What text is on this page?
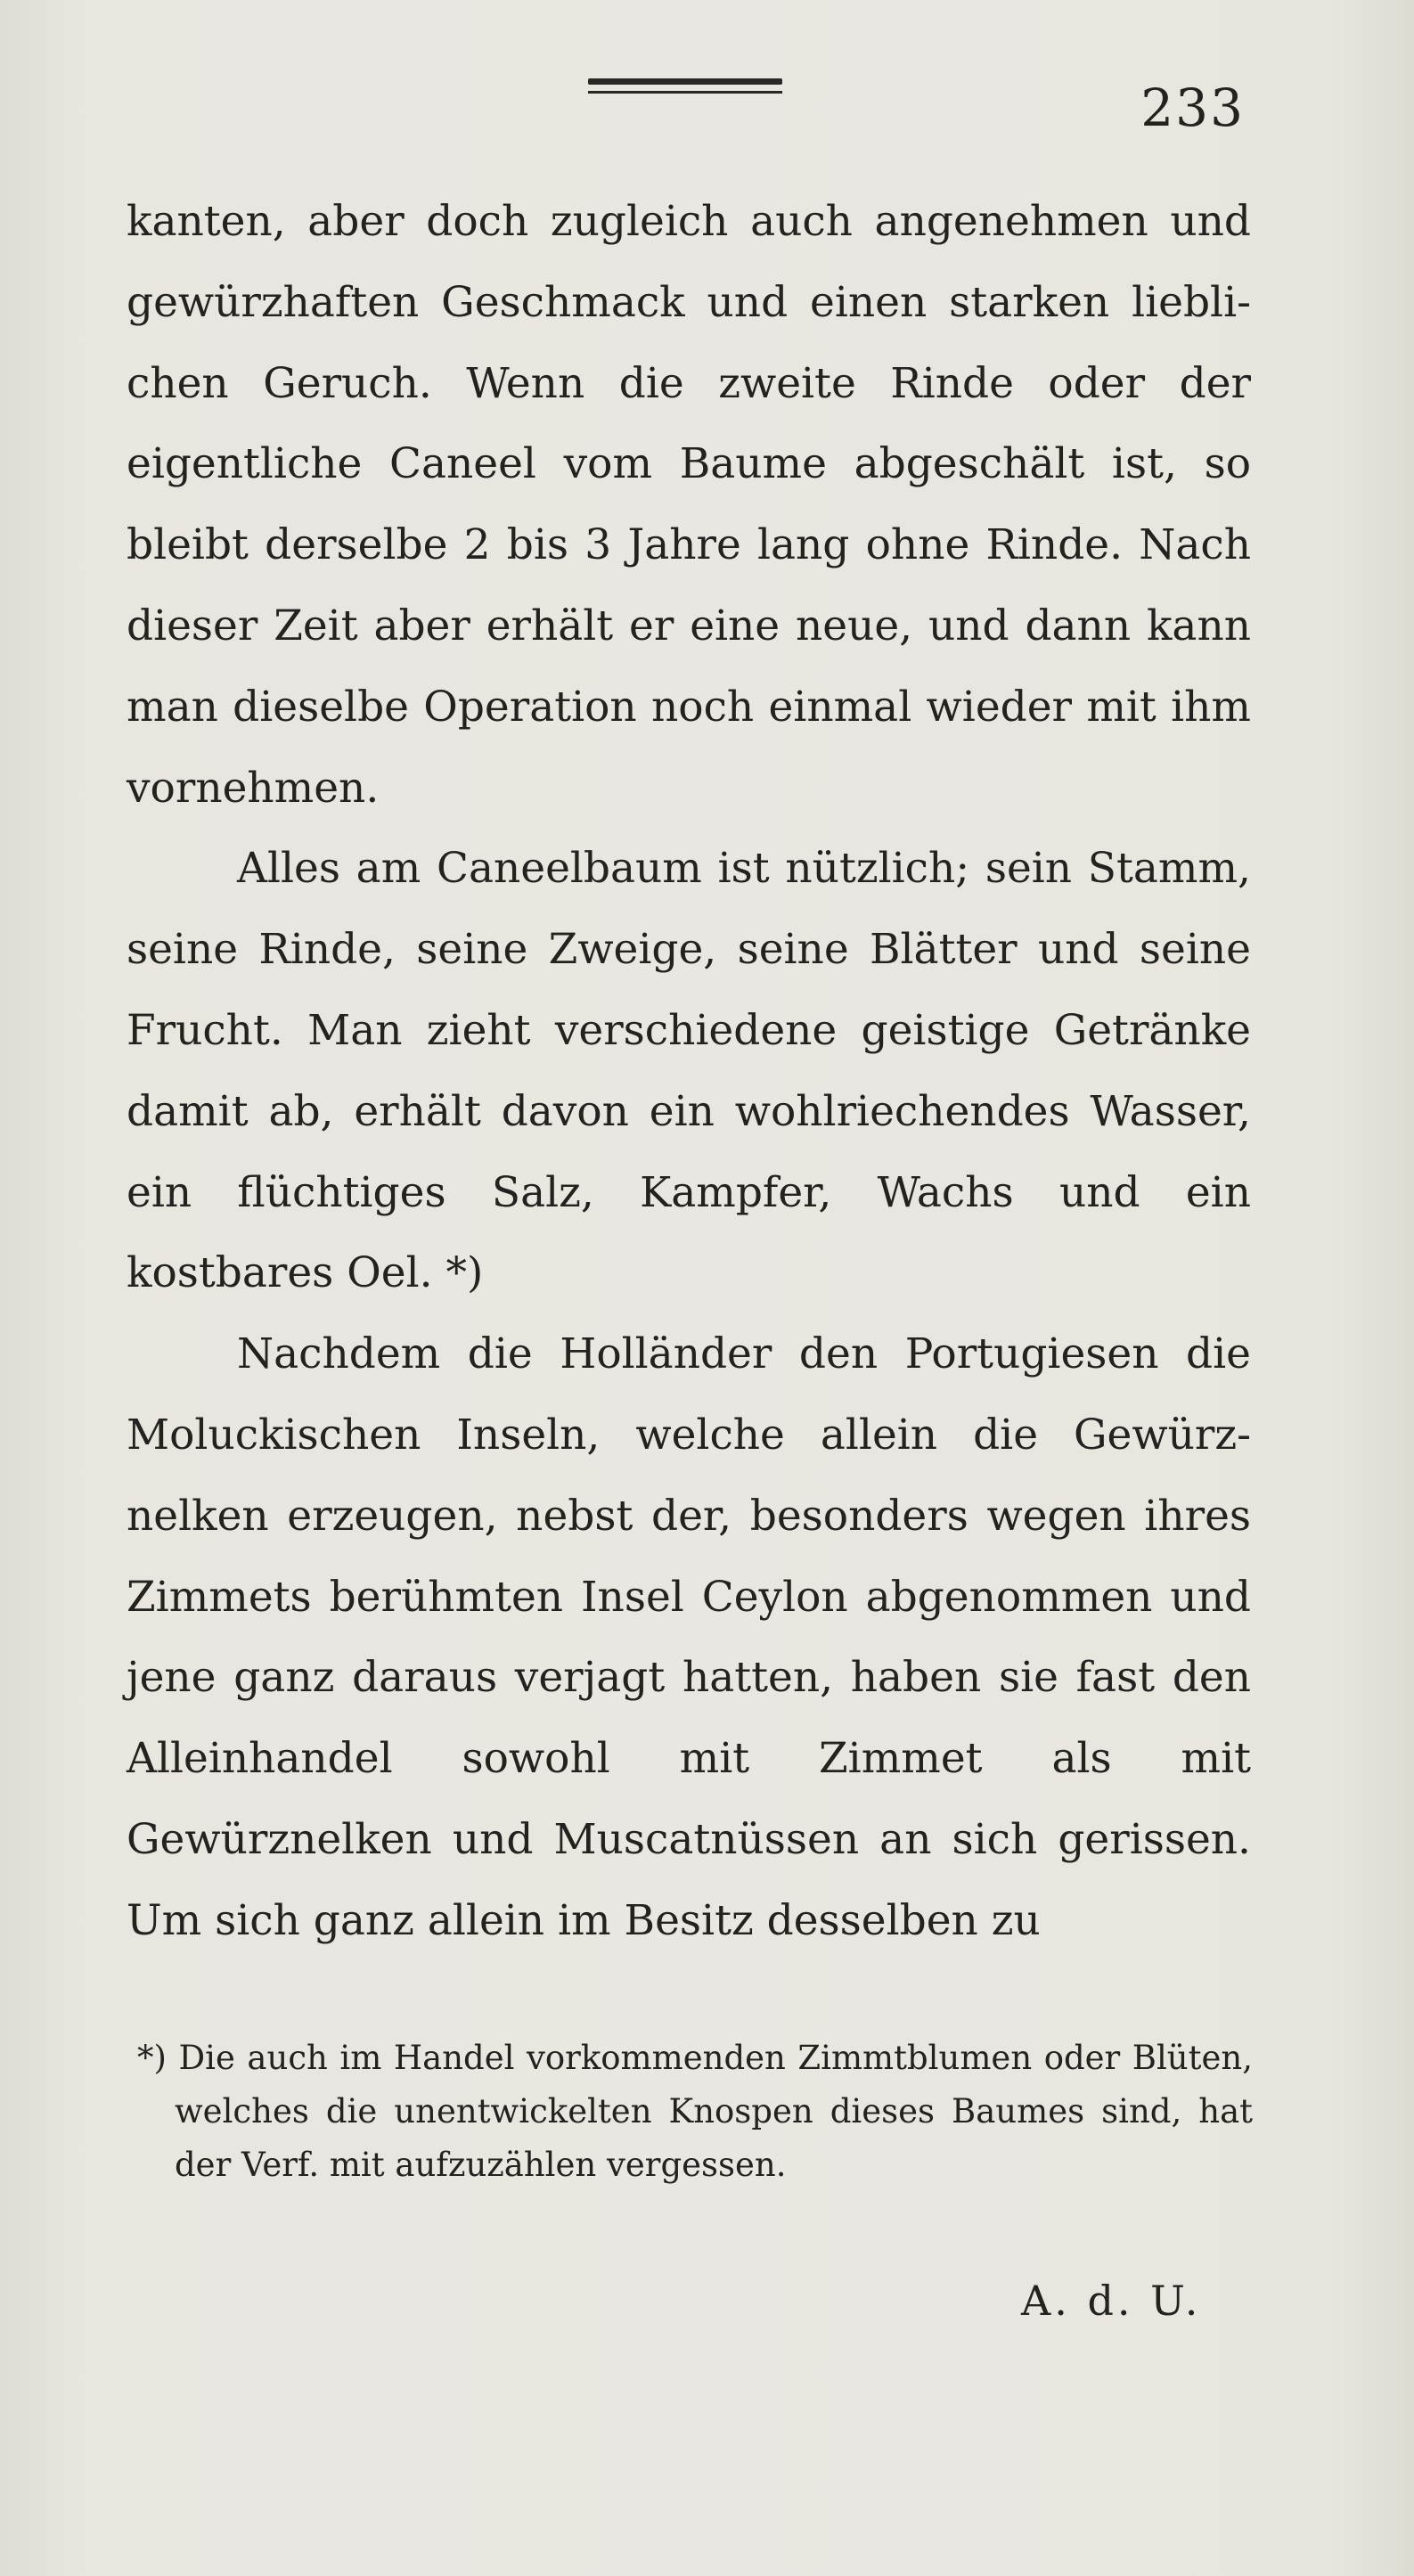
233

kanten, aber doch zugleich auch angenehmen und gewürzhaften Geschmack und einen starken lieblichen Geruch. Wenn die zweite Rinde oder der eigentliche Caneel vom Baume abgeschält ist, so bleibt derselbe 2 bis 3 Jahre lang ohne Rinde. Nach dieser Zeit aber erhält er eine neue, und dann kann man dieselbe Operation noch einmal wieder mit ihm vornehmen.

Alles am Caneelbaum ist nützlich; sein Stamm, seine Rinde, seine Zweige, seine Blätter und seine Frucht. Man zieht verschiedene geistige Getränke damit ab, erhält davon ein wohlriechendes Wasser, ein flüchtiges Salz, Kampfer, Wachs und ein kostbares Oel. *)

Nachdem die Holländer den Portugiesen die Moluckischen Inseln, welche allein die Gewürznelken erzeugen, nebst der, besonders wegen ihres Zimmets berühmten Insel Ceylon abgenommen und jene ganz daraus verjagt hatten, haben sie fast den Alleinhandel sowohl mit Zimmet als mit Gewürznelken und Muscatnüssen an sich gerissen. Um sich ganz allein im Besitz desselben zu

*) Die auch im Handel vorkommenden Zimmtblumen oder Blüten, welches die unentwickelten Knospen dieses Baumes sind, hat der Verf. mit aufzuzählen vergessen.

A. d. U.
